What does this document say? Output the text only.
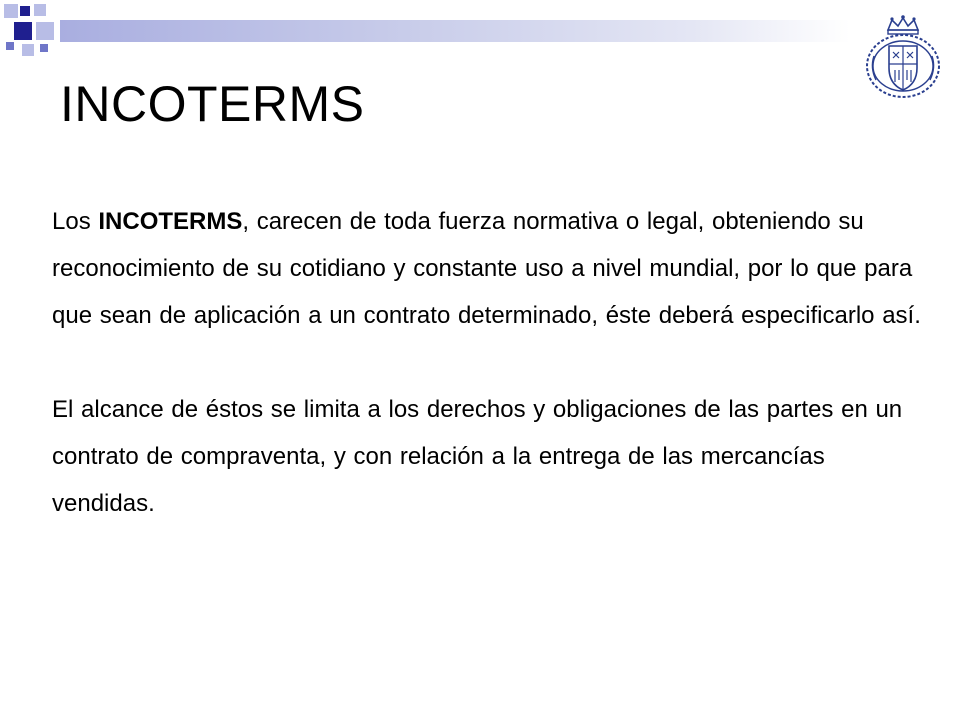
INCOTERMS

Los INCOTERMS, carecen de toda fuerza normativa o legal, obteniendo su reconocimiento de su cotidiano y constante uso a nivel mundial, por lo que para que sean de aplicación a un contrato determinado, éste deberá especificarlo así.

El alcance de éstos se limita a los derechos y obligaciones de las partes en un contrato de compraventa, y con relación a la entrega de las mercancías vendidas.
